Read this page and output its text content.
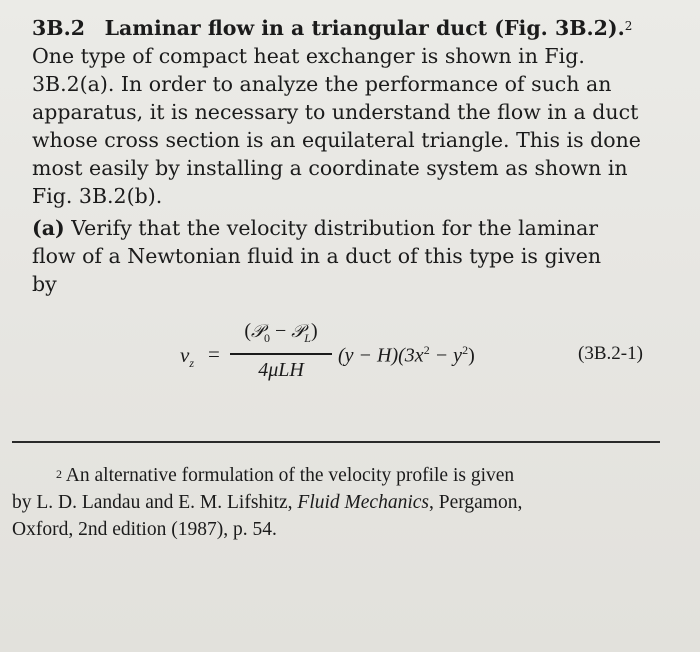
3B.2 Laminar flow in a triangular duct (Fig. 3B.2).$^2$
One type of compact heat exchanger is shown in Fig.
3B.2(a). In order to analyze the performance of such an
apparatus, it is necessary to understand the flow in a duct
whose cross section is an equilateral triangle. This is done
most easily by installing a coordinate system as shown in
Fig. 3B.2(b).
(a) Verify that the velocity distribution for the laminar
flow of a Newtonian fluid in a duct of this type is given
by
$v_z$ =
(𝒫$_0$ − 𝒫$_L$)
4μLH
$(y - H)(3x^2 - y^2)$	(3B.2-1)
$^2$ An alternative formulation of the velocity profile is given
by L. D. Landau and E. M. Lifshitz, Fluid Mechanics, Pergamon,
Oxford, 2nd edition (1987), p. 54.
